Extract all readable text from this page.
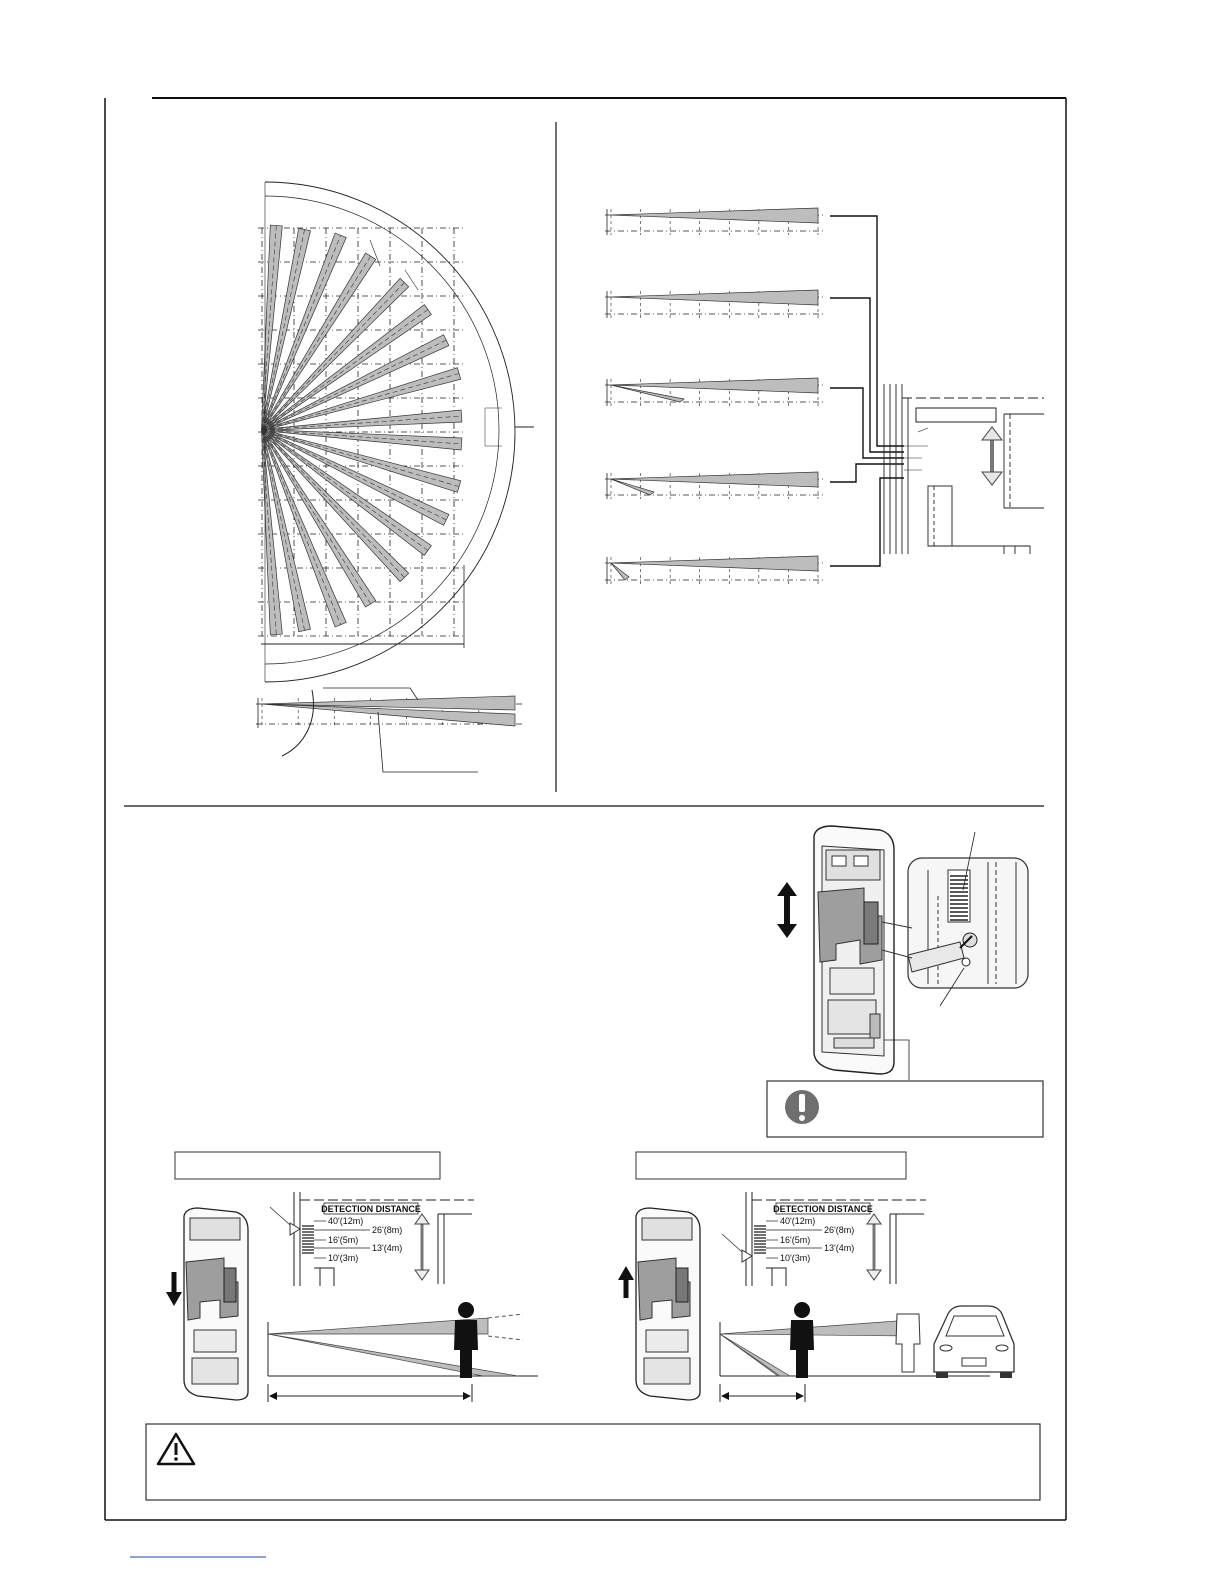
DETECTION DISTANCE
40'(12m)
26'(8m)
16'(5m)
13'(4m)
10'(3m)
DETECTION DISTANCE
40'(12m)
26'(8m)
16'(5m)
13'(4m)
10'(3m)
